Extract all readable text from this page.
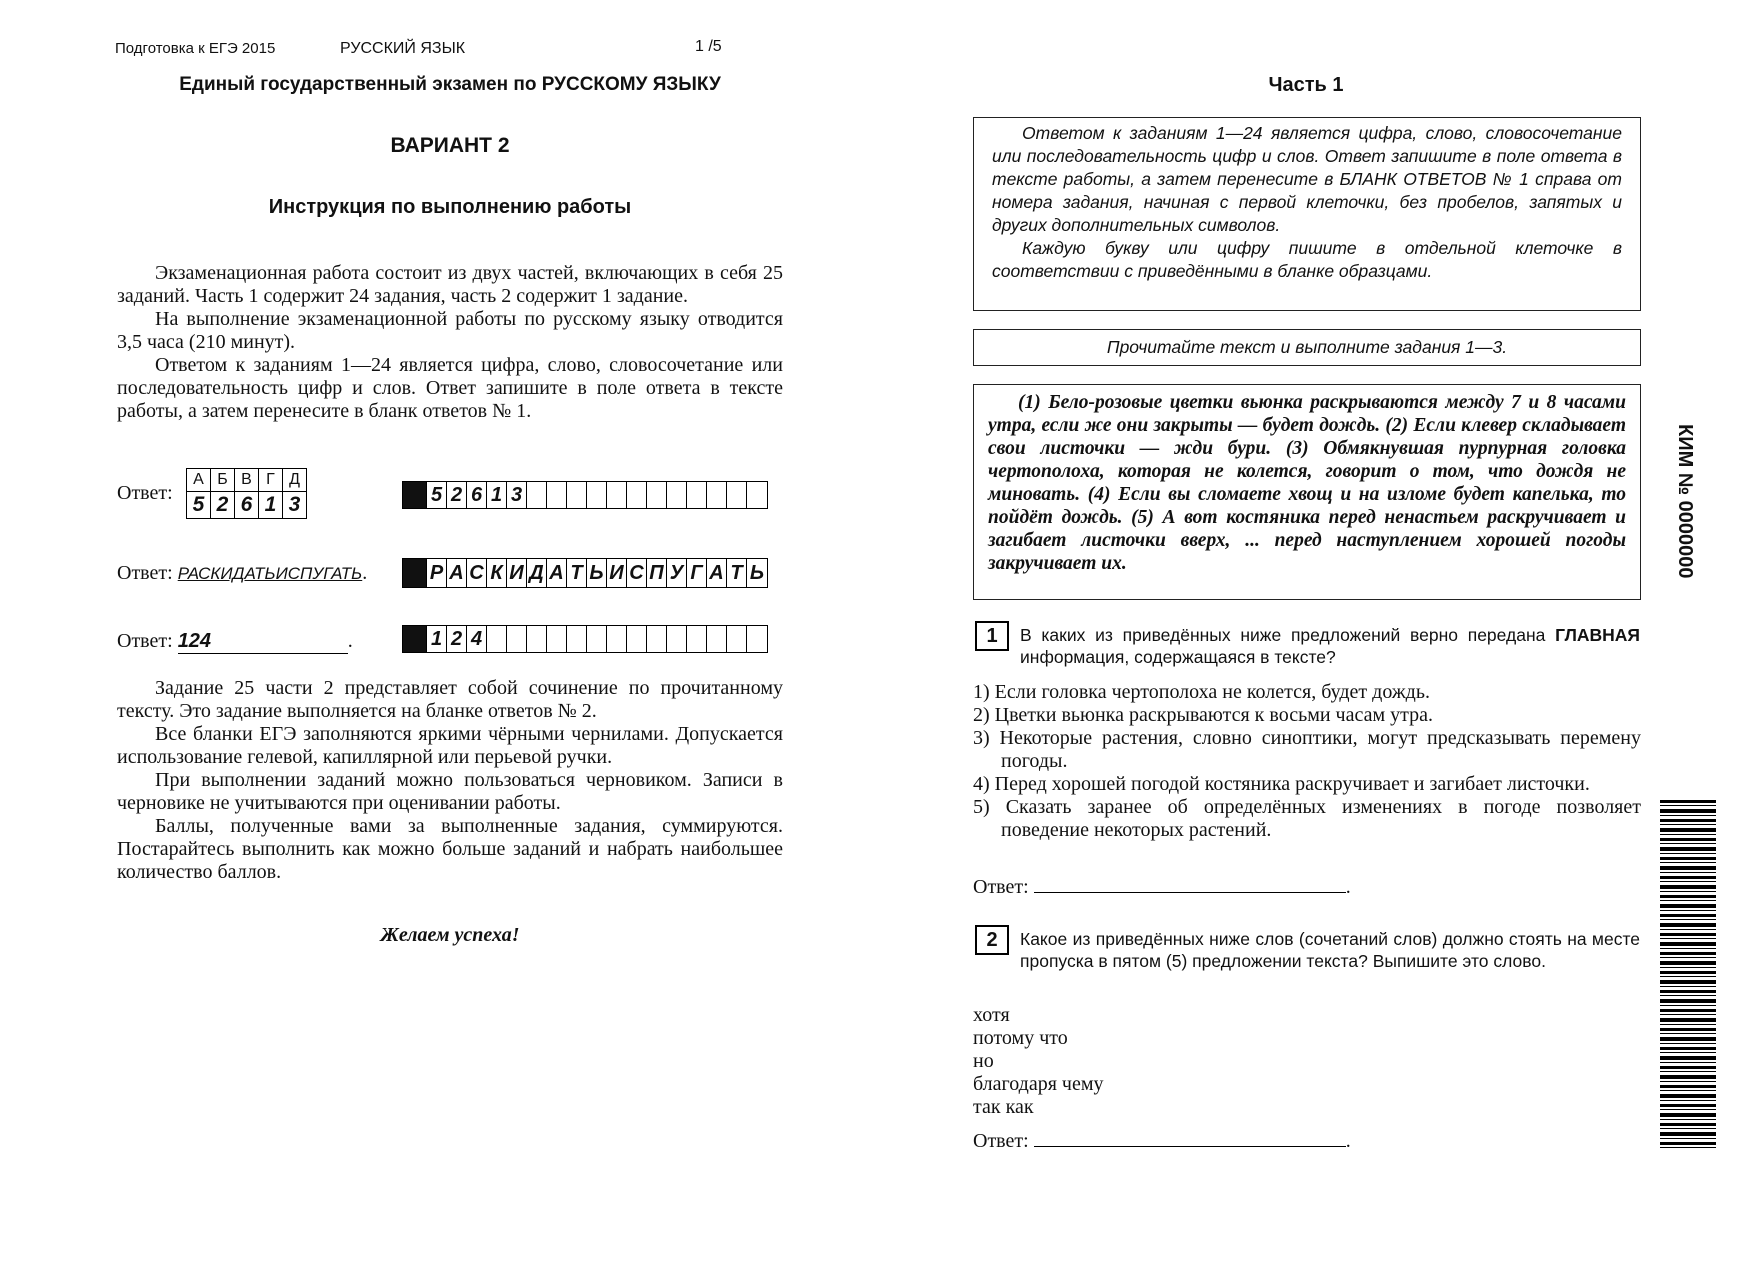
Подготовка к ЕГЭ 2015	РУССКИЙ ЯЗЫК	1 /5
Единый государственный экзамен по РУССКОМУ ЯЗЫКУ
ВАРИАНТ 2
Инструкция по выполнению работы

Экзаменационная работа состоит из двух частей, включающих в себя 25 заданий. Часть 1 содержит 24 задания, часть 2 содержит 1 задание.

На выполнение экзаменационной работы по русскому языку отводится 3,5 часа (210 минут).

Ответом к заданиям 1—24 является цифра, слово, словосочетание или последовательность цифр и слов. Ответ запишите в поле ответа в тексте работы, а затем перенесите в бланк ответов № 1.

Ответ:
А Б В Г Д
5 2 6 1 3	5 2 6 1 3
Ответ: РАСКИДАТЬИСПУГАТЬ.	Р А С К И Д А Т Ь И С П У Г А Т Ь
Ответ: 124	.	1 2 4

Задание 25 части 2 представляет собой сочинение по прочитанному тексту. Это задание выполняется на бланке ответов № 2.

Все бланки ЕГЭ заполняются яркими чёрными чернилами. Допускается использование гелевой, капиллярной или перьевой ручки.

При выполнении заданий можно пользоваться черновиком. Записи в черновике не учитываются при оценивании работы.

Баллы, полученные вами за выполненные задания, суммируются. Постарайтесь выполнить как можно больше заданий и набрать наибольшее количество баллов.

Желаем успеха!
Часть 1
Ответом к заданиям 1—24 является цифра, слово, словосочетание или последовательность цифр и слов. Ответ запишите в поле ответа в тексте работы, а затем перенесите в БЛАНК ОТВЕТОВ № 1 справа от номера задания, начиная с первой клеточки, без пробелов, запятых и других дополнительных символов.
Каждую букву или цифру пишите в отдельной клеточке в соответствии с приведёнными в бланке образцами.
Прочитайте текст и выполните задания 1—3.
(1) Бело-розовые цветки вьюнка раскрываются между 7 и 8 часами утра, если же они закрыты — будет дождь. (2) Если клевер складывает свои листочки — жди бури. (3) Обмякнувшая пурпурная головка чертополоха, которая не колется, говорит о том, что дождя не миновать. (4) Если вы сломаете хвощ и на изломе будет капелька, то пойдёт дождь. (5) А вот костяника перед ненастьем раскручивает и загибает листочки вверх, ... перед наступлением хорошей погоды закручивает их.
1	В каких из приведённых ниже предложений верно передана ГЛАВНАЯ информация, содержащаяся в тексте?
1) Если головка чертополоха не колется, будет дождь.
2) Цветки вьюнка раскрываются к восьми часам утра.
3) Некоторые растения, словно синоптики, могут предсказывать перемену погоды.
4) Перед хорошей погодой костяника раскручивает и загибает листочки.
5) Сказать заранее об определённых изменениях в погоде позволяет поведение некоторых растений.
Ответ:	.
2	Какое из приведённых ниже слов (сочетаний слов) должно стоять на месте пропуска в пятом (5) предложении текста? Выпишите это слово.
хотя
потому что
но
благодаря чему
так как
Ответ:	.
КИМ № 0000000
